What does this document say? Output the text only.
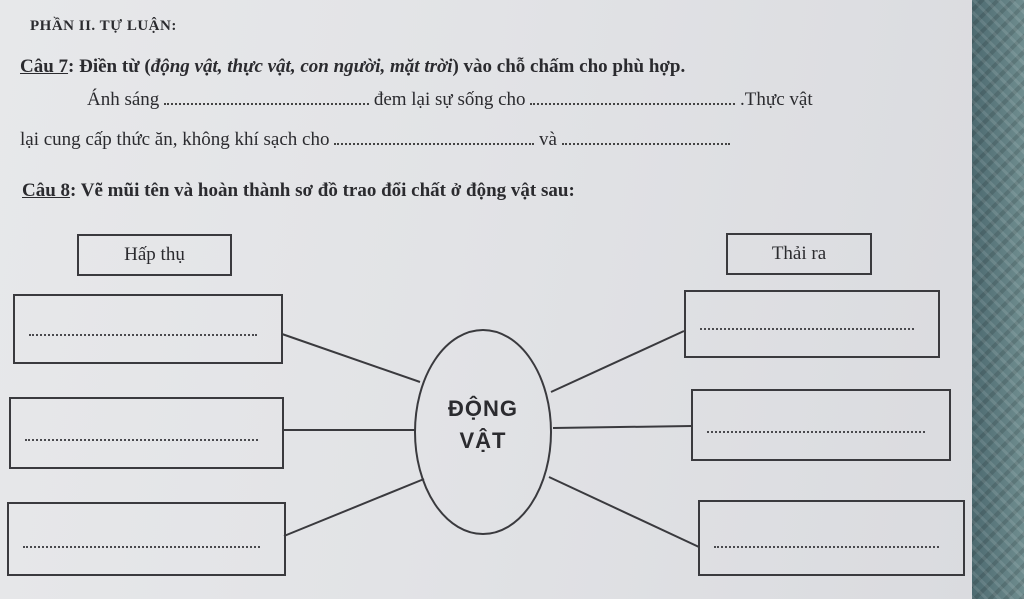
PHẦN II. TỰ LUẬN:
Câu 7: Điền từ (động vật, thực vật, con người, mặt trời) vào chỗ chấm cho phù hợp.
Ánh sáng	đem lại sự sống cho	.Thực vật
lại cung cấp thức ăn, không khí sạch cho	và
Câu 8: Vẽ mũi tên và hoàn thành sơ đồ trao đổi chất ở động vật sau:
Hấp thụ	Thải ra
ĐỘNG
VẬT
